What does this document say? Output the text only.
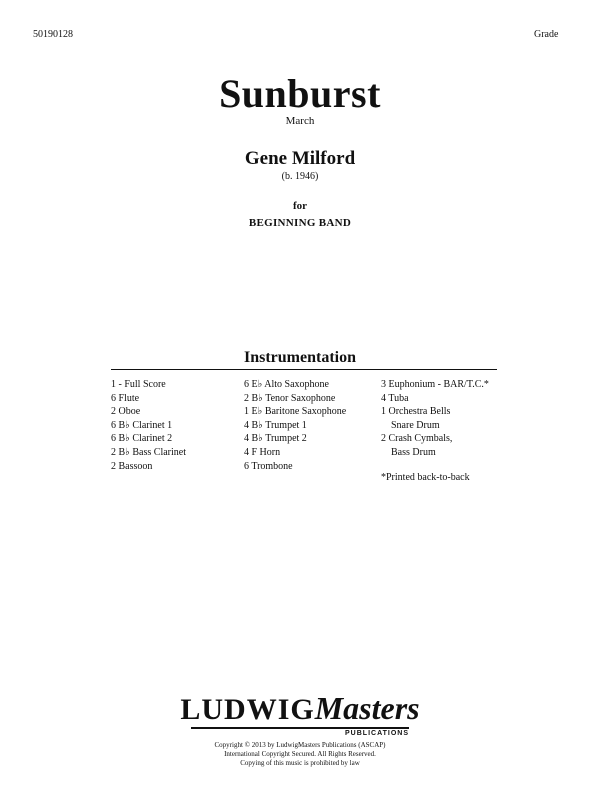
50190128	Grade
Sunburst
March
Gene Milford
(b. 1946)
for
BEGINNING BAND
Instrumentation
1 - Full Score
6 Flute
2 Oboe
6 B♭ Clarinet 1
6 B♭ Clarinet 2
2 B♭ Bass Clarinet
2 Bassoon
6 E♭ Alto Saxophone
2 B♭ Tenor Saxophone
1 E♭ Baritone Saxophone
4 B♭ Trumpet 1
4 B♭ Trumpet 2
4 F Horn
6 Trombone
3 Euphonium - BAR/T.C.*
4 Tuba
1 Orchestra Bells
Snare Drum
2 Crash Cymbals,
Bass Drum
*Printed back-to-back
LUDWIGMasters
PUBLICATIONS
Copyright © 2013 by LudwigMasters Publications (ASCAP)
International Copyright Secured. All Rights Reserved.
Copying of this music is prohibited by law
